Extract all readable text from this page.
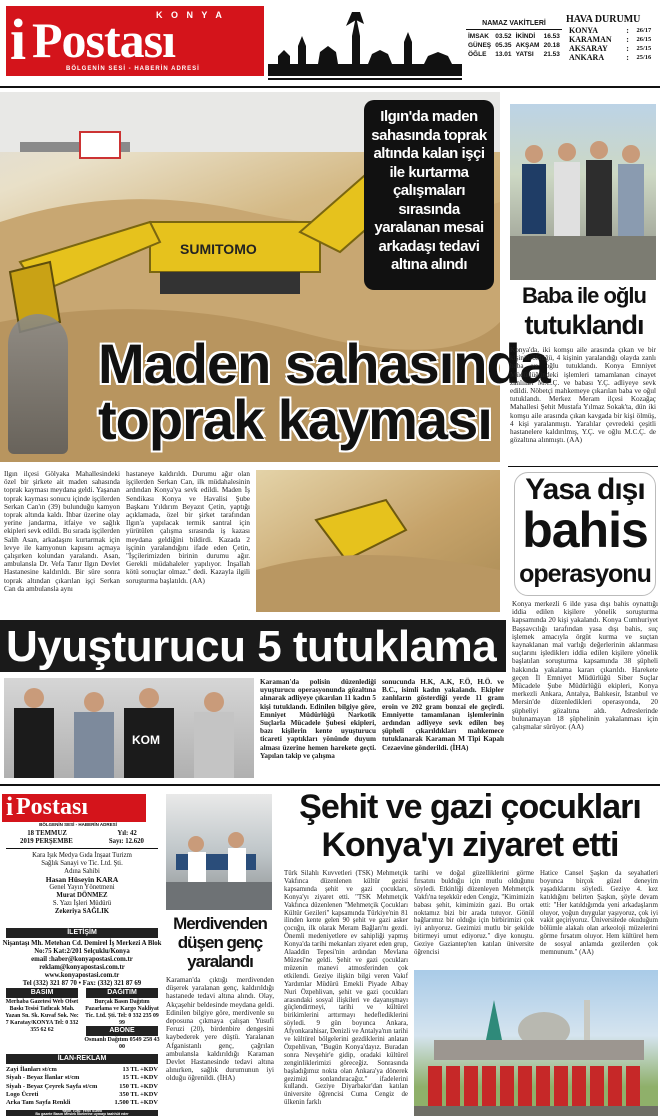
K O N Y A
i Postası
BÖLGENİN SESİ - HABERİN ADRESİ
NAMAZ VAKİTLERİ
İMSAK	03.52	İKİNDİ	16.53
GÜNEŞ	05.35	AKŞAM	20.18
ÖĞLE	13.01	YATSI	21.53
HAVA DURUMU
KONYA	:	26/17
KARAMAN	:	26/15
AKSARAY	:	25/15
ANKARA	:	25/16
SUMITOMO
Ilgın'da maden sahasında toprak altında kalan işçi ile kurtarma çalışmaları sırasında yaralanan mesai arkadaşı tedavi altına alındı
Maden sahasında
toprak kayması
Ilgın ilçesi Gölyaka Mahallesindeki özel bir şirkete ait maden sahasında toprak kayması meydana geldi. Yaşanan toprak kayması sonucu içinde işçilerden Serkan Can'ın (39) bulunduğu kamyon toprak altında kaldı. İhbar üzerine olay yerine jandarma, itfaiye ve sağlık ekipleri sevk edildi. Bu sırada işçilerden Salih Asan, arkadaşını kurtarmak için levye ile kamyonun kapısını açmaya çalışırken kolundan yaralandı. Asan, ambulansla Dr. Vefa Tanır Ilgın Devlet Hastanesine kaldırıldı. Bir süre sonra toprak altından çıkarılan işçi Serkan Can da ambulansla aynı
hastaneye kaldırıldı. Durumu ağır olan işçilerden Serkan Can, ilk müdahalesinin ardından Konya'ya sevk edildi. Maden İş Sendikası Konya ve Havalisi Şube Başkanı Yıldırım Beyazıt Çetin, yaptığı açıklamada, özel bir şirket tarafından Ilgın'a yapılacak termik santral için yürütülen çalışma sırasında iş kazası meydana geldiğini bildirdi. Kazada 2 işçinin yaralandığını ifade eden Çetin, "İşçilerimizden birinin durumu ağır. Gerekli müdahaleler yapılıyor. İnşallah kötü sonuçlar olmaz." dedi. Kazayla ilgili soruşturma başlatıldı. (AA)
Baba ile oğlu
tutuklandı
Konya'da, iki komşu aile arasında çıkan ve bir kişinin öldüğü, 4 kişinin yaralandığı olayda zanlı baba ve oğlu tutuklandı. Konya Emniyet Müdürlüğündeki işlemleri tamamlanan cinayet zanlıları M.C.Ç. ve babası Y.Ç. adliyeye sevk edildi. Nöbetçi mahkemeye çıkarılan baba ve oğul tutuklandı. Merkez Meram ilçesi Kozağaç Mahallesi Şehit Mustafa Yılmaz Sokak'ta, dün iki komşu aile arasında çıkan kavgada bir kişi ölmüş, 4 kişi yaralanmıştı. Yaralılar çevredeki çeşitli hastanelere kaldırılmış, Y.Ç. ve oğlu M.C.Ç. de gözaltına alınmıştı. (AA)
Yasa dışı
bahis
operasyonu
Konya merkezli 6 ilde yasa dışı bahis oynattığı iddia edilen kişilere yönelik soruşturma kapsamında 20 kişi yakalandı. Konya Cumhuriyet Başsavcılığı tarafından yasa dışı bahis, suç işlemek amacıyla örgüt kurma ve suçtan kaynaklanan mal varlığı değerlerinin aklanması suçlarını işlediklerı iddia edilen kişilere yönelik başlatılan soruşturma kapsamında 38 şüpheli hakkında yakalama kararı çıkarıldı. Harekete geçen İl Emniyet Müdürlüğü Siber Suçlar Mücadele Şube Müdürlüğü ekipleri, Konya merkezli Ankara, Antalya, Balıkesir, İstanbul ve Mersin'de düzenledikleri operasyonda, 20 şüpheliyi gözaltına aldı. Adreslerinde bulunamayan 18 şüphelinin yakalanması için çalışmalar sürüyor. (AA)
Uyuşturucu 5 tutuklama
KOM
Karaman'da polisin düzenlediği uyuşturucu operasyonunda gözaltına alınarak adliyeye çıkarılan 11 kadın 5 kişi tutuklandı. Edinilen bilgiye göre, Emniyet Müdürlüğü Narkotik Suçlarla Mücadele Şubesi ekipleri, bazı kişilerin kente uyuşturucu ticareti yaptıkları yönünde duyum alması üzerine hemen harekete geçti. Yapılan takip ve çalışma
sonucunda H.K, A.K, F.Ö, H.Ö. ve B.C., isimli kadın yakalandı. Ekipler zanlıların gösterdiği yerde 11 gram eroin ve 202 gram bonzai ele geçirdi. Emniyette tamamlanan işlemlerinin ardından adliyeye sevk edilen beş şüpheli çıkarıldıkları mahkemece tutuklanarak Karaman M Tipi Kapalı Cezaevine gönderildi. (İHA)
i Postası
BÖLGENİN SESİ - HABERİN ADRESİ
18 TEMMUZ	Yıl: 42
2019 PERŞEMBE	Sayı: 12.620
Kara Işık Medya Gıda İnşaat Turizm
Sağlık Sanayi ve Tic. Ltd. Şti.
Adına Sahibi
Hasan Hüseyin KARA
Genel Yayın Yönetmeni
Murat DÖNMEZ
S. Yazı İşleri Müdürü
Zekeriya SAĞLIK
İLETİŞİM
Nişantaşı Mh. Metehan Cd. Demirel İş Merkezi A Blok No:75 Kat:2/201 Selçuklu/Konya
email :haber@konyapostasi.com.tr
reklam@konyapostasi.com.tr
www.konyapostasi.com.tr
Tel (332) 321 87 70 • Fax: (332) 321 87 69
BASIM	DAĞITIM
Merhaba Gazetesi Web Ofset Baskı Tesisi Tatlıcak Mah. Yazan Sn. Sk. Kuvaf Sok. No: 7 Karatay/KONYA Tel: 0 332 355 62 62
Burçak Basın Dağıtım Pazarlama ve Kargo Nakliyat Tic. Ltd. Şti. Tel: 0 332 235 09 99
ABONE
Osmanlı Dağıtım 0549 258 43 00
İLAN-REKLAM
Zayi İlanları st/cm	13 TL +KDV
Siyah - Beyaz İlanlar st/cm	15 TL +KDV
Siyah - Beyaz Çeyrek Sayfa st/cm	150 TL +KDV
Logo Ücreti	350 TL +KDV
Arka Tam Sayfa Renkli	1.500 TL +KDV
Yayın Türü: Yerel Süreli
Bu gazete Basın Meslek İlkelerine uymayı taahhüt eder
Merdivenden
düşen genç
yaralandı
Karaman'da çıktığı merdivenden düşerek yaralanan genç, kaldırıldığı hastanede tedavi altına alındı. Olay, Akçaşehir beldesinde meydana geldi. Edinilen bilgiye göre, merdivenle su deposuna çıkmaya çalışan Yusufi Feruzi (20), birdenbire dengesini kaybederek yere düştü. Yaralanan Afganistanlı genç, çağrılan ambulansla kaldırıldığı Karaman Devlet Hastanesinde tedavi altına alınırken, sağlık durumunun iyi olduğu öğrenildi. (İHA)
Şehit ve gazi çocukları
Konya'yı ziyaret etti
Türk Silahlı Kuvvetleri (TSK) Mehmetçik Vakfınca düzenlenen kültür gezisi kapsamında şehit ve gazi çocukları, Konya'yı ziyaret etti. "TSK Mehmetçik Vakfınca düzenlenen "Mehmetçik Çocukları Kültür Gezileri" kapsamında Türkiye'nin 81 ilinden kente gelen 90 şehit ve gazi asker çocuğu, ilk olarak Meram Bağları'nı gezdi. Önemli medeniyetlere ev sahipliği yapmış Konya'da tarihi mekanları ziyaret eden grup, Alaaddin Tepesi'nin ardından Mevlana Müzesi'ne geldi. Şehit ve gazi çocukları müzenin manevi atmosferinden çok etkilendi. Geziye ilişkin bilgi veren Vakıf Yardımlar Müdürü Emekli Piyade Albay Nuri Özpehlivan, şehit ve gazi çocukları arasındaki sosyal ilişkileri ve dayanışmayı güçlendirmeyi, tarihi ve kültürel birikimlerini arttırmayı hedeflediklerini söyledi. 9 gün boyunca Ankara, Afyonkarahisar, Denizli ve Antalya'nın tarihi ve kültürel bölgelerini gezdiklerini anlatan Özpehlivan, "Bugün Konya'dayız. Buradan sonra Nevşehir'e gidip, oradaki kültürel zenginliklerimizi göreceğiz. Sonrasında başladığımız nokta olan Ankara'ya dönerek gezimizi sonlandıracağız." ifadelerini kullandı. Geziye Diyarbakır'dan katılan üniversite öğrencisi Cuma Cengiz de ülkenin farklı
tarihi ve doğal güzelliklerini görme fırsatını bulduğu için mutlu olduğunu söyledi. Etkinliği düzenleyen Mehmetçik Vakfı'na teşekkür eden Cengiz, "Kimimizin babası şehit, kimimizin gazi. Bu ortak noktamız bizi bir arada tutuyor. Gönül bağlarımız bir olduğu için birbirimizi çok iyi anlıyoruz. Gezimizi mutlu bir şekilde bitirmeyi umut ediyoruz." diye konuştu. Geziye Gaziantep'ten katılan üniversite öğrencisi
Hatice Cansel Şaşkın da seyahatleri boyunca birçok güzel deneyim yaşadıklarını söyledi. Geziye 4. kez katıldığını belirten Şaşkın, şöyle devam etti: "Her katıldığımda yeni arkadaşlarım oluyor, yoğun duygular yaşıyoruz, çok iyi vakit geçiriyoruz. Üniversitede okuduğum bölümle alakalı olan arkeoloji müzelerini görme fırsatım oluyor. Hem kültürel hem de sosyal anlamda gezilerden çok memnunum." (AA)
